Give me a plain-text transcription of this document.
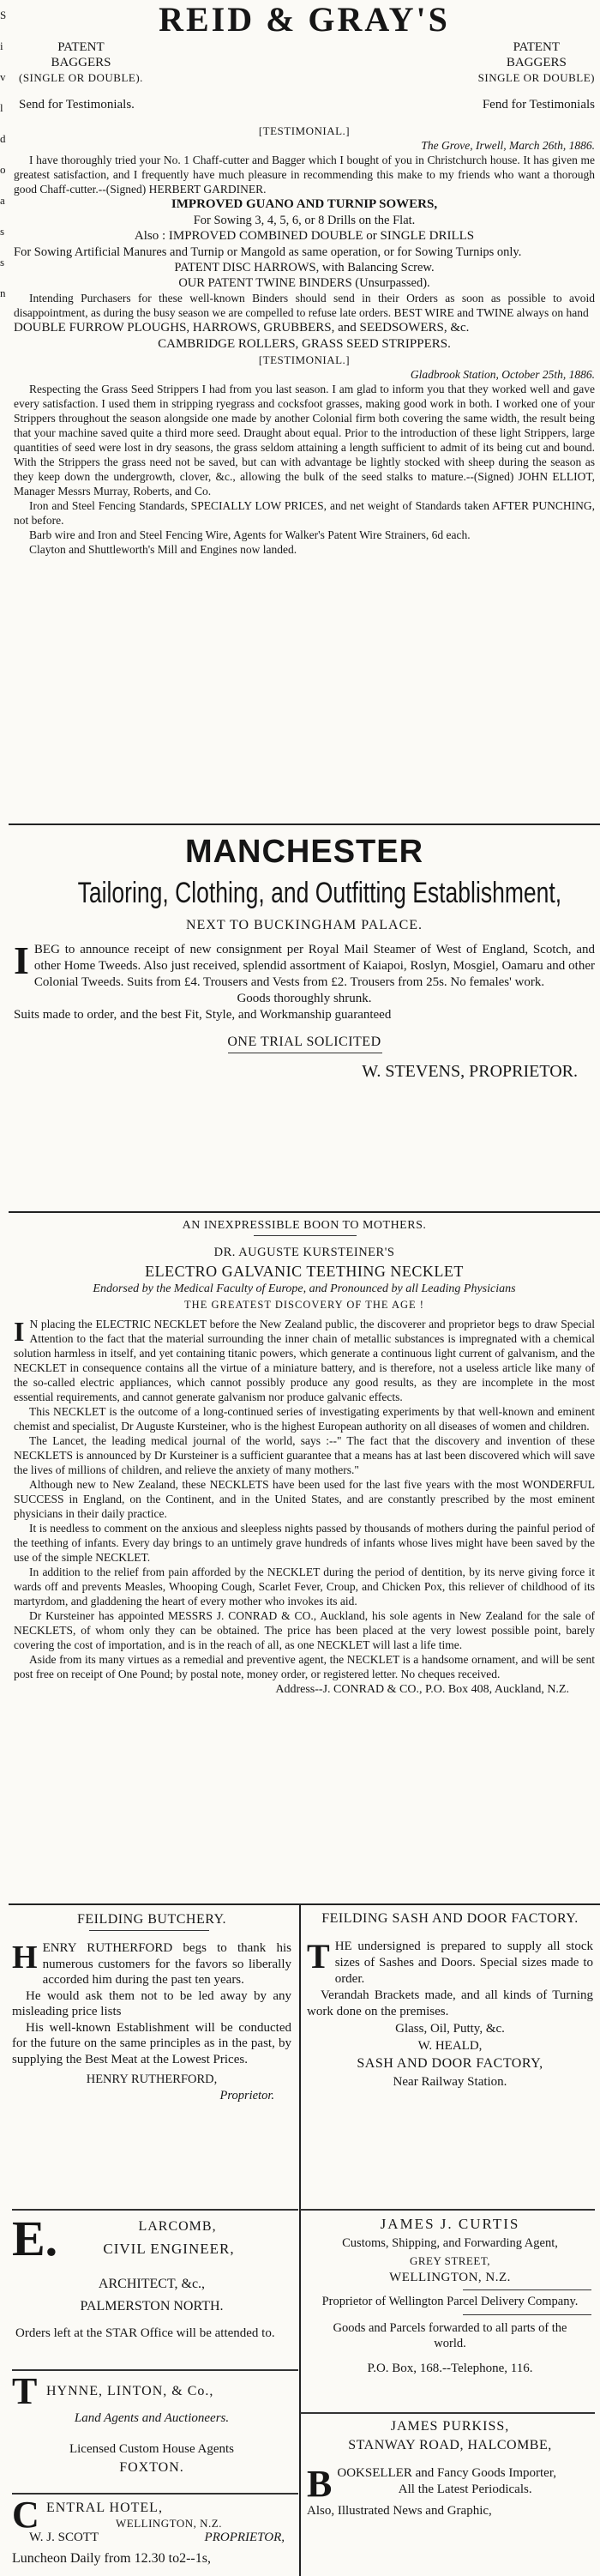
S
i
v
l
d
o
a
s
s
n
REID & GRAY'S
PATENT
BAGGERS
(SINGLE OR DOUBLE).
PATENT
BAGGERS
SINGLE OR DOUBLE)
Send for Testimonials.	Fend for Testimonials
[TESTIMONIAL.]
The Grove, Irwell, March 26th, 1886.

I have thoroughly tried your No. 1 Chaff-cutter and Bagger which I bought of you in Christchurch house. It has given me greatest satisfaction, and I frequently have much pleasure in recommending this make to my friends who want a thorough good Chaff-cutter.--(Signed) HERBERT GARDINER.

IMPROVED GUANO AND TURNIP SOWERS,
For Sowing 3, 4, 5, 6, or 8 Drills on the Flat.
Also : IMPROVED COMBINED DOUBLE or SINGLE DRILLS

For Sowing Artificial Manures and Turnip or Mangold as same operation, or for Sowing Turnips only.

PATENT DISC HARROWS, with Balancing Screw.
OUR PATENT TWINE BINDERS (Unsurpassed).

Intending Purchasers for these well-known Binders should send in their Orders as soon as possible to avoid disappointment, as during the busy season we are compelled to refuse late orders. BEST WIRE and TWINE always on hand

DOUBLE FURROW PLOUGHS, HARROWS, GRUBBERS, and SEEDSOWERS, &c.

CAMBRIDGE ROLLERS, GRASS SEED STRIPPERS.
[TESTIMONIAL.]
Gladbrook Station, October 25th, 1886.

Respecting the Grass Seed Strippers I had from you last season. I am glad to inform you that they worked well and gave every satisfaction. I used them in stripping ryegrass and cocksfoot grasses, making good work in both. I worked one of your Strippers throughout the season alongside one made by another Colonial firm both covering the same width, the result being that your machine saved quite a third more seed. Draught about equal. Prior to the introduction of these light Strippers, large quantities of seed were lost in dry seasons, the grass seldom attaining a length sufficient to admit of its being cut and bound. With the Strippers the grass need not be saved, but can with advantage be lightly stocked with sheep during the season as they keep down the undergrowth, clover, &c., allowing the bulk of the seed stalks to mature.--(Signed) JOHN ELLIOT, Manager Messrs Murray, Roberts, and Co.

Iron and Steel Fencing Standards, SPECIALLY LOW PRICES, and net weight of Standards taken AFTER PUNCHING, not before.

Barb wire and Iron and Steel Fencing Wire, Agents for Walker's Patent Wire Strainers, 6d each.

Clayton and Shuttleworth's Mill and Engines now landed.

MANCHESTER
Tailoring, Clothing, and Outfitting Establishment,
NEXT TO BUCKINGHAM PALACE.
I BEG to announce receipt of new consignment per Royal Mail Steamer of West of England, Scotch, and other Home Tweeds. Also just received, splendid assortment of Kaiapoi, Roslyn, Mosgiel, Oamaru and other Colonial Tweeds. Suits from £4. Trousers and Vests from £2. Trousers from 25s. No females' work.

Goods thoroughly shrunk.
Suits made to order, and the best Fit, Style, and Workmanship guaranteed
ONE TRIAL SOLICITED
W. STEVENS, PROPRIETOR.
AN INEXPRESSIBLE BOON TO MOTHERS.
DR. AUGUSTE KURSTEINER'S
ELECTRO GALVANIC TEETHING NECKLET
Endorsed by the Medical Faculty of Europe, and Pronounced by all Leading Physicians
THE GREATEST DISCOVERY OF THE AGE !
I N placing the ELECTRIC NECKLET before the New Zealand public, the discoverer and proprietor begs to draw Special Attention to the fact that the material surrounding the inner chain of metallic substances is impregnated with a chemical solution harmless in itself, and yet containing titanic powers, which generate a continuous light current of galvanism, and the NECKLET in consequence contains all the virtue of a miniature battery, and is therefore, not a useless article like many of the so-called electric appliances, which cannot possibly produce any good results, as they are incomplete in the most essential requirements, and cannot generate galvanism nor produce galvanic effects.

This NECKLET is the outcome of a long-continued series of investigating experiments by that well-known and eminent chemist and specialist, Dr Auguste Kursteiner, who is the highest European authority on all diseases of women and children.

The Lancet, the leading medical journal of the world, says :--" The fact that the discovery and invention of these NECKLETS is announced by Dr Kursteiner is a sufficient guarantee that a means has at last been discovered which will save the lives of millions of children, and relieve the anxiety of many mothers."

Although new to New Zealand, these NECKLETS have been used for the last five years with the most WONDERFUL SUCCESS in England, on the Continent, and in the United States, and are constantly prescribed by the most eminent physicians in their daily practice.

It is needless to comment on the anxious and sleepless nights passed by thousands of mothers during the painful period of the teething of infants. Every day brings to an untimely grave hundreds of infants whose lives might have been saved by the use of the simple NECKLET.

In addition to the relief from pain afforded by the NECKLET during the period of dentition, by its nerve giving force it wards off and prevents Measles, Whooping Cough, Scarlet Fever, Croup, and Chicken Pox, this reliever of childhood of its martyrdom, and gladdening the heart of every mother who invokes its aid.

Dr Kursteiner has appointed MESSRS J. CONRAD & CO., Auckland, his sole agents in New Zealand for the sale of NECKLETS, of whom only they can be obtained. The price has been placed at the very lowest possible point, barely covering the cost of importation, and is in the reach of all, as one NECKLET will last a life time.

Aside from its many virtues as a remedial and preventive agent, the NECKLET is a handsome ornament, and will be sent post free on receipt of One Pound; by postal note, money order, or registered letter. No cheques received.

Address--J. CONRAD & CO., P.O. Box 408, Auckland, N.Z.
FEILDING BUTCHERY.
H ENRY RUTHERFORD begs to thank his numerous customers for the favors so liberally accorded him during the past ten years.

He would ask them not to be led away by any misleading price lists

His well-known Establishment will be conducted for the future on the same principles as in the past, by supplying the Best Meat at the Lowest Prices.

HENRY RUTHERFORD,
Proprietor.
E.	LARCOMB,
CIVIL ENGINEER,
ARCHITECT, &c.,
PALMERSTON NORTH.
Orders left at the STAR Office will be attended to.
T HYNNE, LINTON, & Co.,
Land Agents and Auctioneers.
Licensed Custom House Agents
FOXTON.
C ENTRAL HOTEL,
WELLINGTON, N.Z.
W. J. SCOTT	PROPRIETOR,
Luncheon Daily from 12.30 to2--1s,
FEILDING SASH AND DOOR FACTORY.
T HE undersigned is prepared to supply all stock sizes of Sashes and Doors. Special sizes made to order.

Verandah Brackets made, and all kinds of Turning work done on the premises.

Glass, Oil, Putty, &c.
W. HEALD,
SASH AND DOOR FACTORY,
Near Railway Station.
JAMES J. CURTIS
Customs, Shipping, and Forwarding Agent,
GREY STREET,
WELLINGTON, N.Z.
Proprietor of Wellington Parcel Delivery Company.
Goods and Parcels forwarded to all parts of the world.
P.O. Box, 168.--Telephone, 116.
JAMES PURKISS,
STANWAY ROAD, HALCOMBE,
B OOKSELLER and Fancy Goods Importer,
All the Latest Periodicals.
Also, Illustrated News and Graphic,
